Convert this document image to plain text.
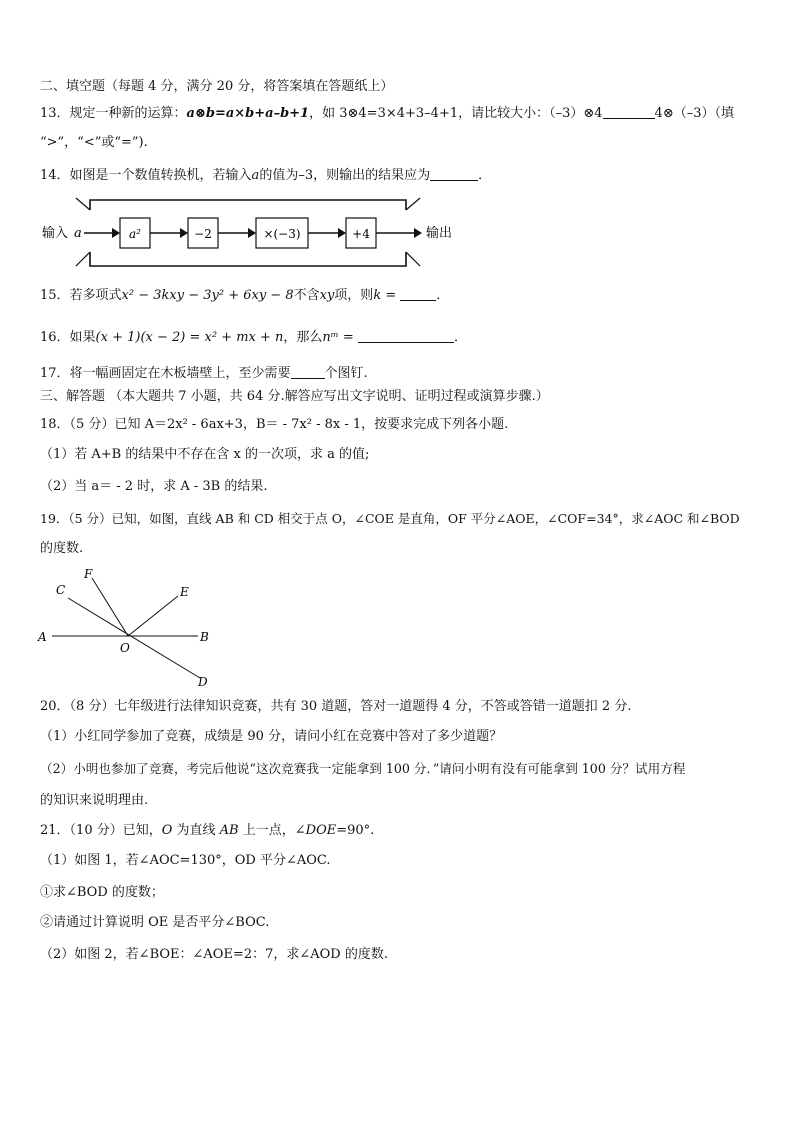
二、填空题（每题 4 分，满分 20 分，将答案填在答题纸上）
13．规定一种新的运算：a⊗b=a×b+a–b+1，如 3⊗4=3×4+3–4+1，请比较大小：（–3）⊗4	4⊗（–3）（填
“>”，“<”或“=”).
14．如图是一个数值转换机，若输入a的值为–3，则输出的结果应为	．
输入 a	a²	−2	×(−3)	+4	输出
15．若多项式x² − 3kxy − 3y² + 6xy − 8不含xy项，则k =	．
16．如果(x + 1)(x − 2) = x² + mx + n，那么nᵐ =	．
17．将一幅画固定在木板墙壁上，至少需要	个图钉.
三、解答题 （本大题共 7 小题，共 64 分.解答应写出文字说明、证明过程或演算步骤.）
18．（5 分）已知 A＝2x² - 6ax+3，B＝ - 7x² - 8x - 1，按要求完成下列各小题.
（1）若 A+B 的结果中不存在含 x 的一次项，求 a 的值;
（2）当 a＝ - 2 时，求 A - 3B 的结果.
19．（5 分）已知，如图，直线 AB 和 CD 相交于点 O，∠COE 是直角，OF 平分∠AOE，∠COF=34°，求∠AOC 和∠BOD
的度数.
A	B
C
D
E
F
O
20．（8 分）七年级进行法律知识竞赛，共有 30 道题，答对一道题得 4 分，不答或答错一道题扣 2 分.
（1）小红同学参加了竞赛，成绩是 90 分，请问小红在竞赛中答对了多少道题？
（2）小明也参加了竞赛，考完后他说“这次竞赛我一定能拿到 100 分．”请问小明有没有可能拿到 100 分？试用方程
的知识来说明理由.
21．（10 分）已知，O 为直线 AB 上一点，∠DOE=90°.
（1）如图 1，若∠AOC=130°，OD 平分∠AOC.
①求∠BOD 的度数；
②请通过计算说明 OE 是否平分∠BOC.
（2）如图 2，若∠BOE：∠AOE=2：7，求∠AOD 的度数.
